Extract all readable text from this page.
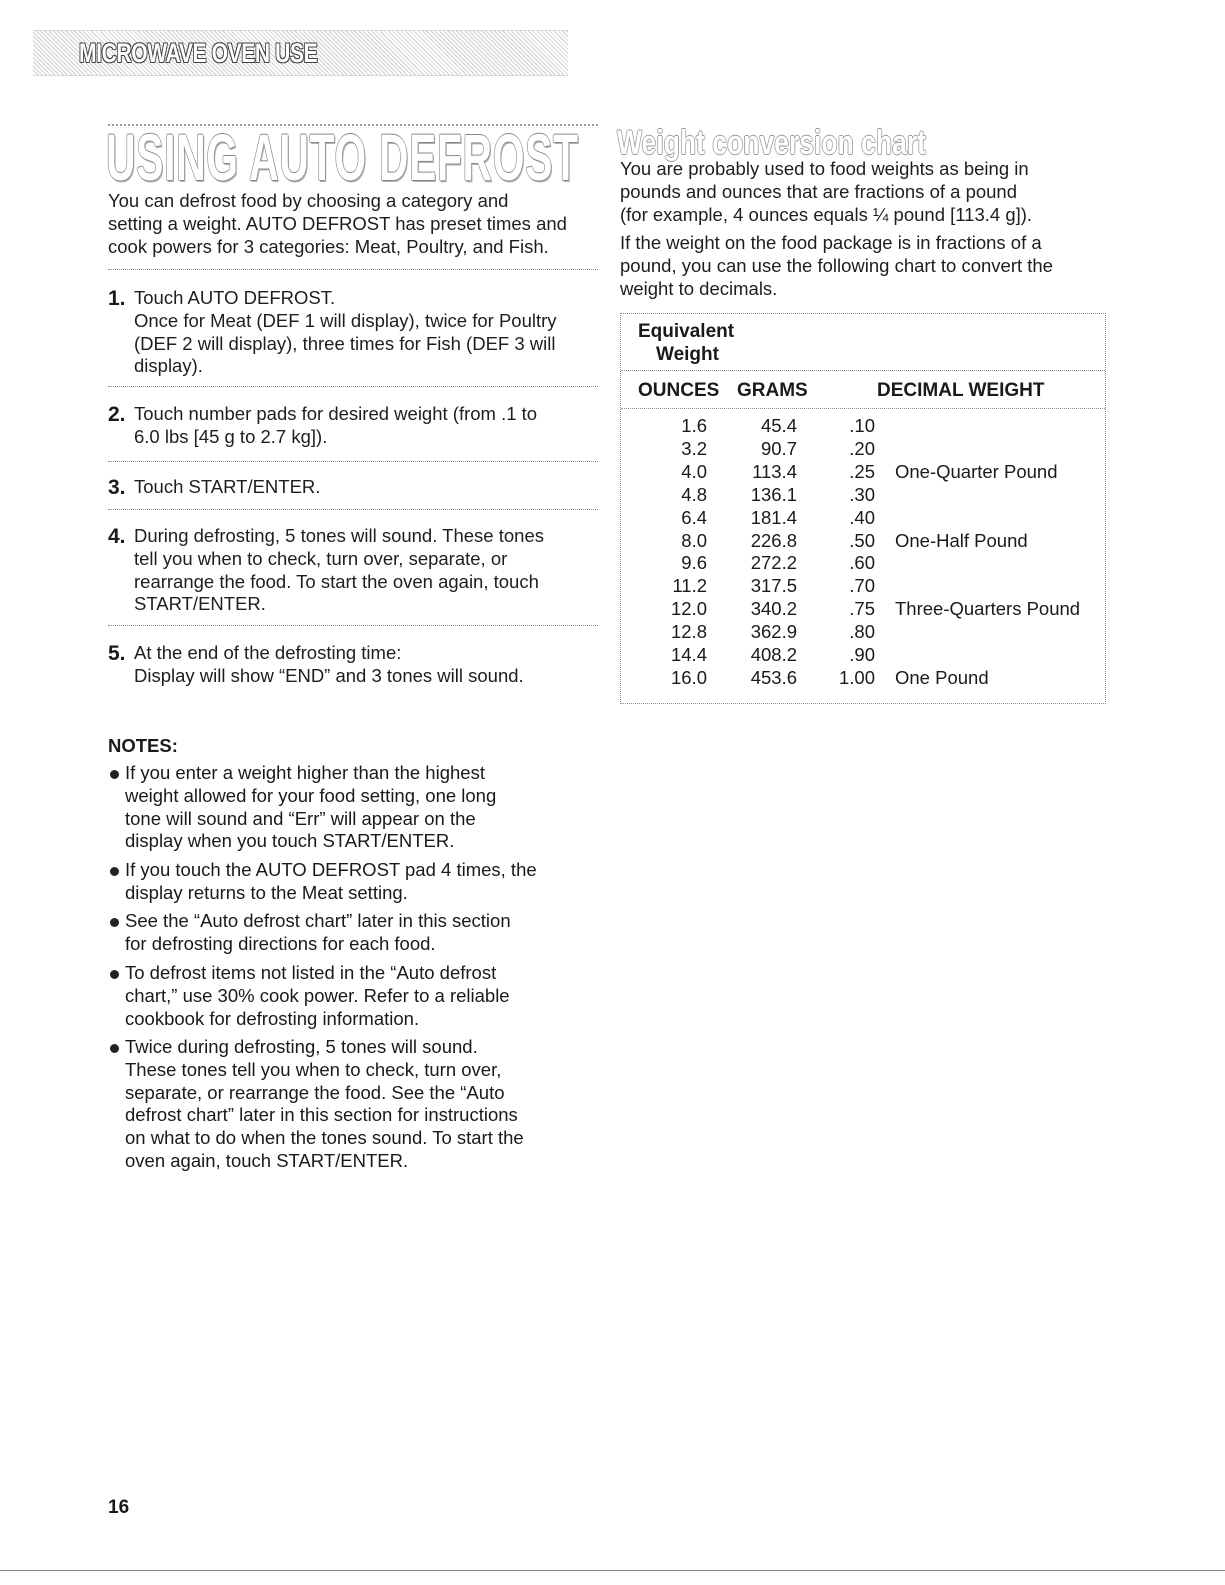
MICROWAVE OVEN USE
USING AUTO DEFROST
You can defrost food by choosing a category and
setting a weight. AUTO DEFROST has preset times and
cook powers for 3 categories: Meat, Poultry, and Fish.
1. Touch AUTO DEFROST.
Once for Meat (DEF 1 will display), twice for Poultry
(DEF 2 will display), three times for Fish (DEF 3 will
display).
2. Touch number pads for desired weight (from .1 to
6.0 lbs [45 g to 2.7 kg]).
3. Touch START/ENTER.
4. During defrosting, 5 tones will sound. These tones
tell you when to check, turn over, separate, or
rearrange the food. To start the oven again, touch
START/ENTER.
5. At the end of the defrosting time:
Display will show “END” and 3 tones will sound.
NOTES:
If you enter a weight higher than the highest
weight allowed for your food setting, one long
tone will sound and “Err” will appear on the
display when you touch START/ENTER.
If you touch the AUTO DEFROST pad 4 times, the
display returns to the Meat setting.
See the “Auto defrost chart” later in this section
for defrosting directions for each food.
To defrost items not listed in the “Auto defrost
chart,” use 30% cook power. Refer to a reliable
cookbook for defrosting information.
Twice during defrosting, 5 tones will sound.
These tones tell you when to check, turn over,
separate, or rearrange the food. See the “Auto
defrost chart” later in this section for instructions
on what to do when the tones sound. To start the
oven again, touch START/ENTER.
Weight conversion chart
You are probably used to food weights as being in
pounds and ounces that are fractions of a pound
(for example, 4 ounces equals ¼ pound [113.4 g]).
If the weight on the food package is in fractions of a
pound, you can use the following chart to convert the
weight to decimals.
Equivalent
Weight
OUNCES GRAMS	DECIMAL WEIGHT
1.6	45.4	.10
3.2	90.7	.20
4.0	113.4	.25 One-Quarter Pound
4.8	136.1	.30
6.4	181.4	.40
8.0	226.8	.50 One-Half Pound
9.6	272.2	.60
11.2	317.5	.70
12.0	340.2	.75 Three-Quarters Pound
12.8	362.9	.80
14.4	408.2	.90
16.0	453.6	1.00 One Pound
16
